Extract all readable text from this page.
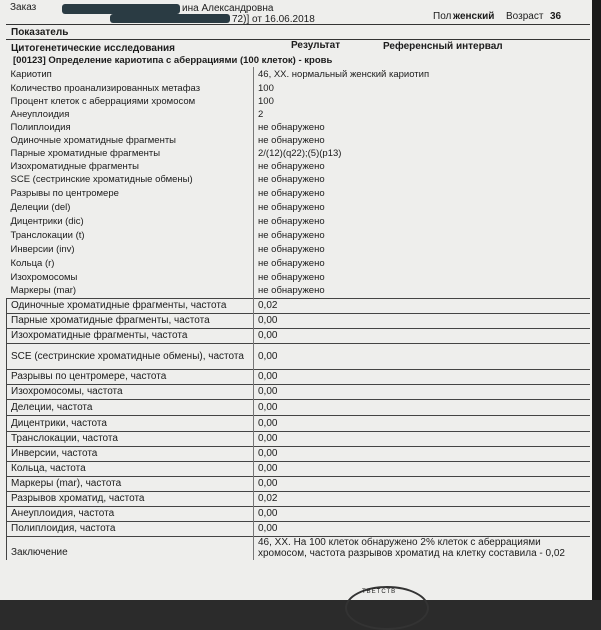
Заказ	ина Александровна
72)] от 16.06.2018	Пол женский Возраст 36
Показатель
Цитогенетические исследования	Результат	Референсный интервал
[00123] Определение кариотипа с аберрациями (100 клеток) - кровь
Кариотип	46, XX. нормальный женский кариотип
Количество проанализированных метафаз	100
Процент клеток с аберрациями хромосом	100
Анеуплоидия	2
Полиплоидия	не обнаружено
Одиночные хроматидные фрагменты	не обнаружено
Парные хроматидные фрагменты	2/(12)(q22);(5)(p13)
Изохроматидные фрагменты	не обнаружено
SCE (сестринские хроматидные обмены)	не обнаружено
Разрывы по центромере	не обнаружено
Делеции (del)	не обнаружено
Дицентрики (dic)	не обнаружено
Транслокации (t)	не обнаружено
Инверсии (inv)	не обнаружено
Кольца (r)	не обнаружено
Изохромосомы	не обнаружено
Маркеры (mar)	не обнаружено
Одиночные хроматидные фрагменты, частота	0,02
Парные хроматидные фрагменты, частота	0,00
Изохроматидные фрагменты, частота	0,00
SCE (сестринские хроматидные обмены), частота	0,00
Разрывы по центромере, частота	0,00
Изохромосомы, частота	0,00
Делеции, частота	0,00
Дицентрики, частота	0,00
Транслокации, частота	0,00
Инверсии, частота	0,00
Кольца, частота	0,00
Маркеры (mar), частота	0,00
Разрывов хроматид, частота	0,02
Анеуплоидия, частота	0,00
Полиплоидия, частота	0,00
Заключение	46, XX. На 100 клеток обнаружено 2% клеток с аберрациями хромосом, частота разрывов хроматид на клетку составила - 0,02
ТВЕТСТВ
